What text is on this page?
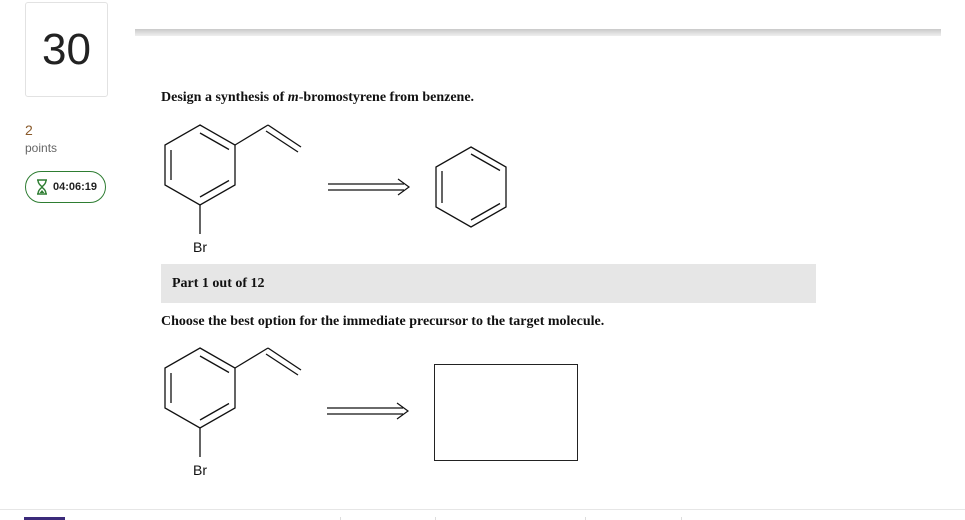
30
2
points
04:06:19
Design a synthesis of m-bromostyrene from benzene.
Br
Part 1 out of 12
Choose the best option for the immediate precursor to the target molecule.
Br
